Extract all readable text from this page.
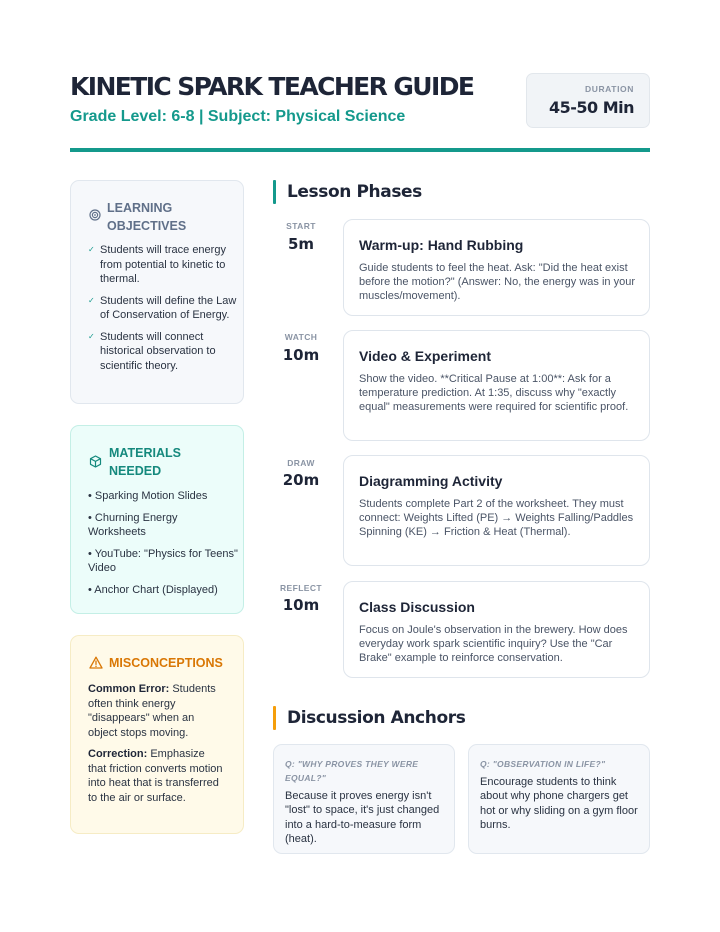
KINETIC SPARK TEACHER GUIDE
Grade Level: 6-8 | Subject: Physical Science
DURATION
45-50 Min
LEARNING
OBJECTIVES
✓ Students will trace energy from potential to kinetic to thermal.
✓ Students will define the Law of Conservation of Energy.
✓ Students will connect historical observation to scientific theory.
MATERIALS
NEEDED
• Sparking Motion Slides
• Churning Energy Worksheets
• YouTube: "Physics for Teens" Video
• Anchor Chart (Displayed)
MISCONCEPTIONS

Common Error: Students often think energy "disappears" when an object stops moving.

Correction: Emphasize that friction converts motion into heat that is transferred to the air or surface.

Lesson Phases
START
5m	Warm-up: Hand Rubbing
Guide students to feel the heat. Ask: "Did the heat exist before the motion?" (Answer: No, the energy was in your muscles/movement).
WATCH
10m	Video & Experiment
Show the video. **Critical Pause at 1:00**: Ask for a temperature prediction. At 1:35, discuss why "exactly equal" measurements were required for scientific proof.
DRAW
20m	Diagramming Activity
Students complete Part 2 of the worksheet. They must connect: Weights Lifted (PE) → Weights Falling/Paddles Spinning (KE) → Friction & Heat (Thermal).
REFLECT
10m	Class Discussion
Focus on Joule's observation in the brewery. How does everyday work spark scientific inquiry? Use the "Car Brake" example to reinforce conservation.
Discussion Anchors
Q: "WHY PROVES THEY WERE EQUAL?"
Because it proves energy isn't "lost" to space, it's just changed into a hard-to-measure form (heat).
Q: "OBSERVATION IN LIFE?"
Encourage students to think about why phone chargers get hot or why sliding on a gym floor burns.
